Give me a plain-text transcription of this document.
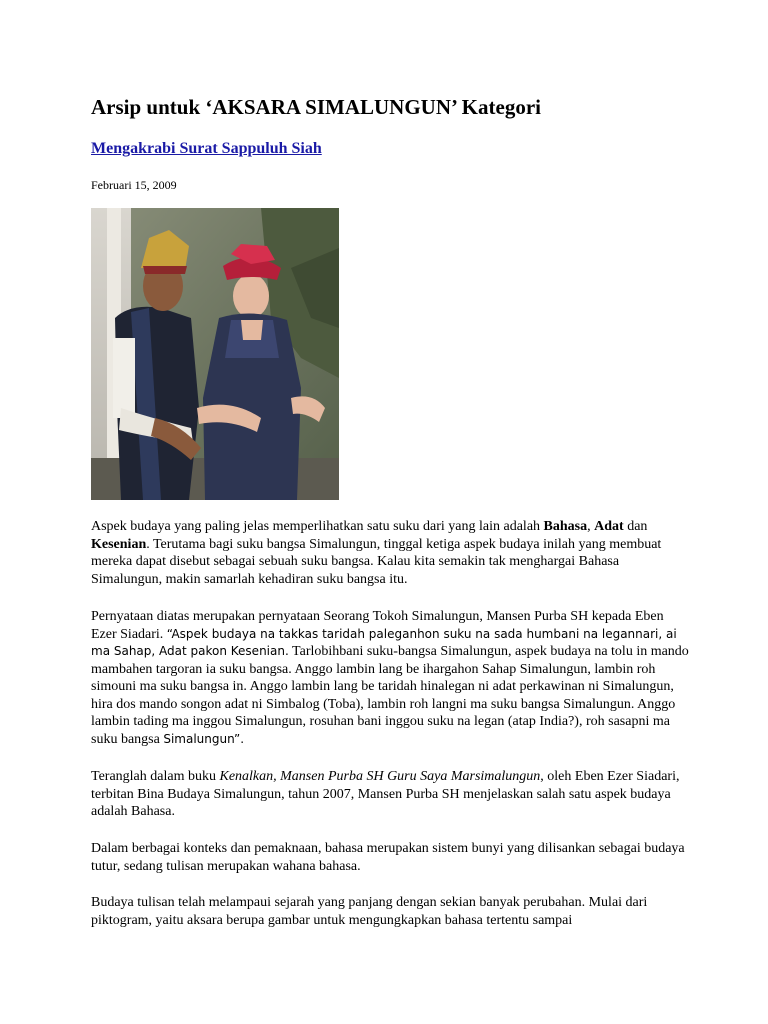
Arsip untuk ‘AKSARA SIMALUNGUN’ Kategori
Mengakrabi Surat Sappuluh Siah
Februari 15, 2009

Aspek budaya yang paling jelas memperlihatkan satu suku dari yang lain adalah Bahasa, Adat dan Kesenian. Terutama bagi suku bangsa Simalungun, tinggal ketiga aspek budaya inilah yang membuat mereka dapat disebut sebagai sebuah suku bangsa. Kalau kita semakin tak menghargai Bahasa Simalungun, makin samarlah kehadiran suku bangsa itu.

Pernyataan diatas merupakan pernyataan Seorang Tokoh Simalungun, Mansen Purba SH kepada Eben Ezer Siadari. “Aspek budaya na takkas taridah paleganhon suku na sada humbani na legannari, ai ma Sahap, Adat pakon Kesenian. Tarlobihbani suku-bangsa Simalungun, aspek budaya na tolu in mando mambahen targoran ia suku bangsa. Anggo lambin lang be ihargahon Sahap Simalungun, lambin roh simouni ma suku bangsa in. Anggo lambin lang be taridah hinalegan ni adat perkawinan ni Simalungun, hira dos mando songon adat ni Simbalog (Toba), lambin roh langni ma suku bangsa Simalungun. Anggo lambin tading ma inggou Simalungun, rosuhan bani inggou suku na legan (atap India?), roh sasapni ma suku bangsa Simalungun”.

Teranglah dalam buku Kenalkan, Mansen Purba SH Guru Saya Marsimalungun, oleh Eben Ezer Siadari, terbitan Bina Budaya Simalungun, tahun 2007, Mansen Purba SH menjelaskan salah satu aspek budaya adalah Bahasa.

Dalam berbagai konteks dan pemaknaan, bahasa merupakan sistem bunyi yang dilisankan sebagai budaya tutur, sedang tulisan merupakan wahana bahasa.

Budaya tulisan telah melampaui sejarah yang panjang dengan sekian banyak perubahan. Mulai dari piktogram, yaitu aksara berupa gambar untuk mengungkapkan bahasa tertentu sampai
